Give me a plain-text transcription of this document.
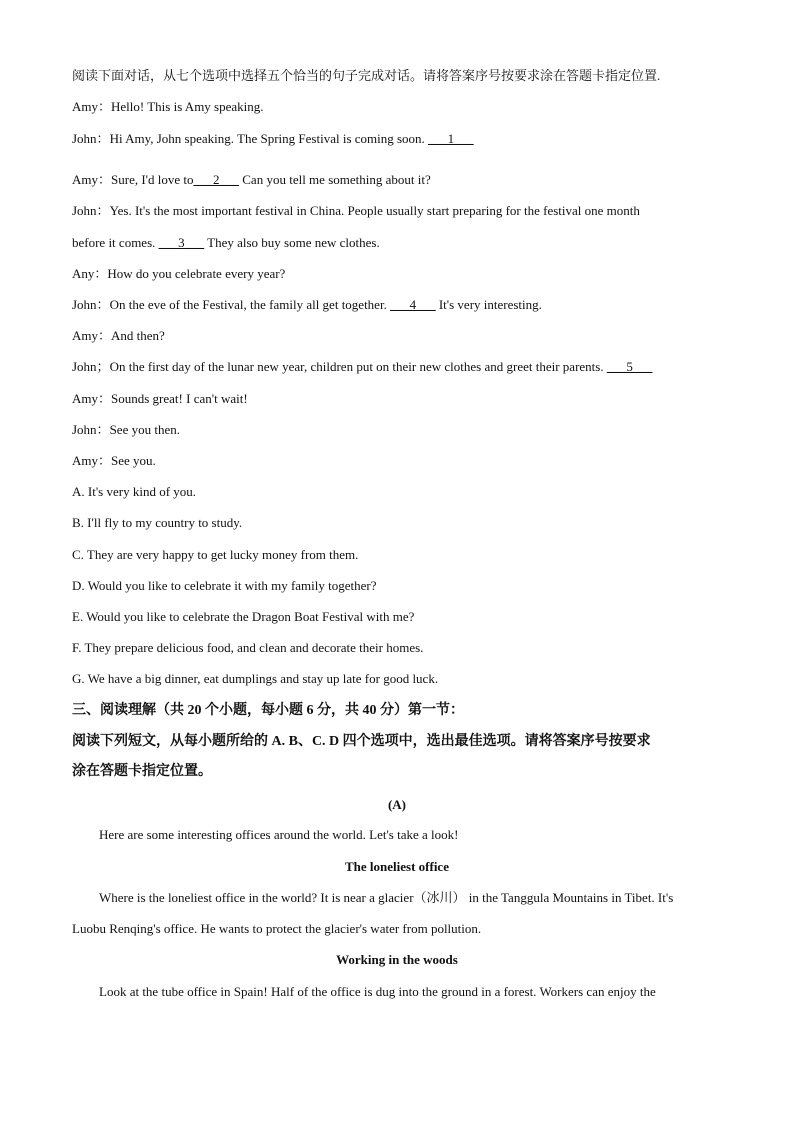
阅读下面对话，从七个选项中选择五个恰当的句子完成对话。请将答案序号按要求涂在答题卡指定位置.
Amy：Hello! This is Amy speaking.
John：Hi Amy, John speaking. The Spring Festival is coming soon. ___1___
Amy：Sure, I'd love to___2___ Can you tell me something about it?
John：Yes. It's the most important festival in China. People usually start preparing for the festival one month
before it comes. ___3___ They also buy some new clothes.
Any：How do you celebrate every year?
John：On the eve of the Festival, the family all get together. ___4___ It's very interesting.
Amy：And then?
John；On the first day of the lunar new year, children put on their new clothes and greet their parents. ___5___
Amy：Sounds great! I can't wait!
John：See you then.
Amy：See you.
A. It's very kind of you.
B. I'll fly to my country to study.
C. They are very happy to get lucky money from them.
D. Would you like to celebrate it with my family together?
E. Would you like to celebrate the Dragon Boat Festival with me?
F. They prepare delicious food, and clean and decorate their homes.
G. We have a big dinner, eat dumplings and stay up late for good luck.
三、阅读理解（共 20 个小题，每小题 6 分，共 40 分）第一节：
阅读下列短文，从每小题所给的 A. B、C. D 四个选项中，选出最佳选项。请将答案序号按要求
涂在答题卡指定位置。
(A)
Here are some interesting offices around the world. Let's take a look!
The loneliest office
Where is the loneliest office in the world? It is near a glacier（冰川） in the Tanggula Mountains in Tibet. It's
Luobu Renqing's office. He wants to protect the glacier's water from pollution.
Working in the woods
Look at the tube office in Spain! Half of the office is dug into the ground in a forest. Workers can enjoy the
